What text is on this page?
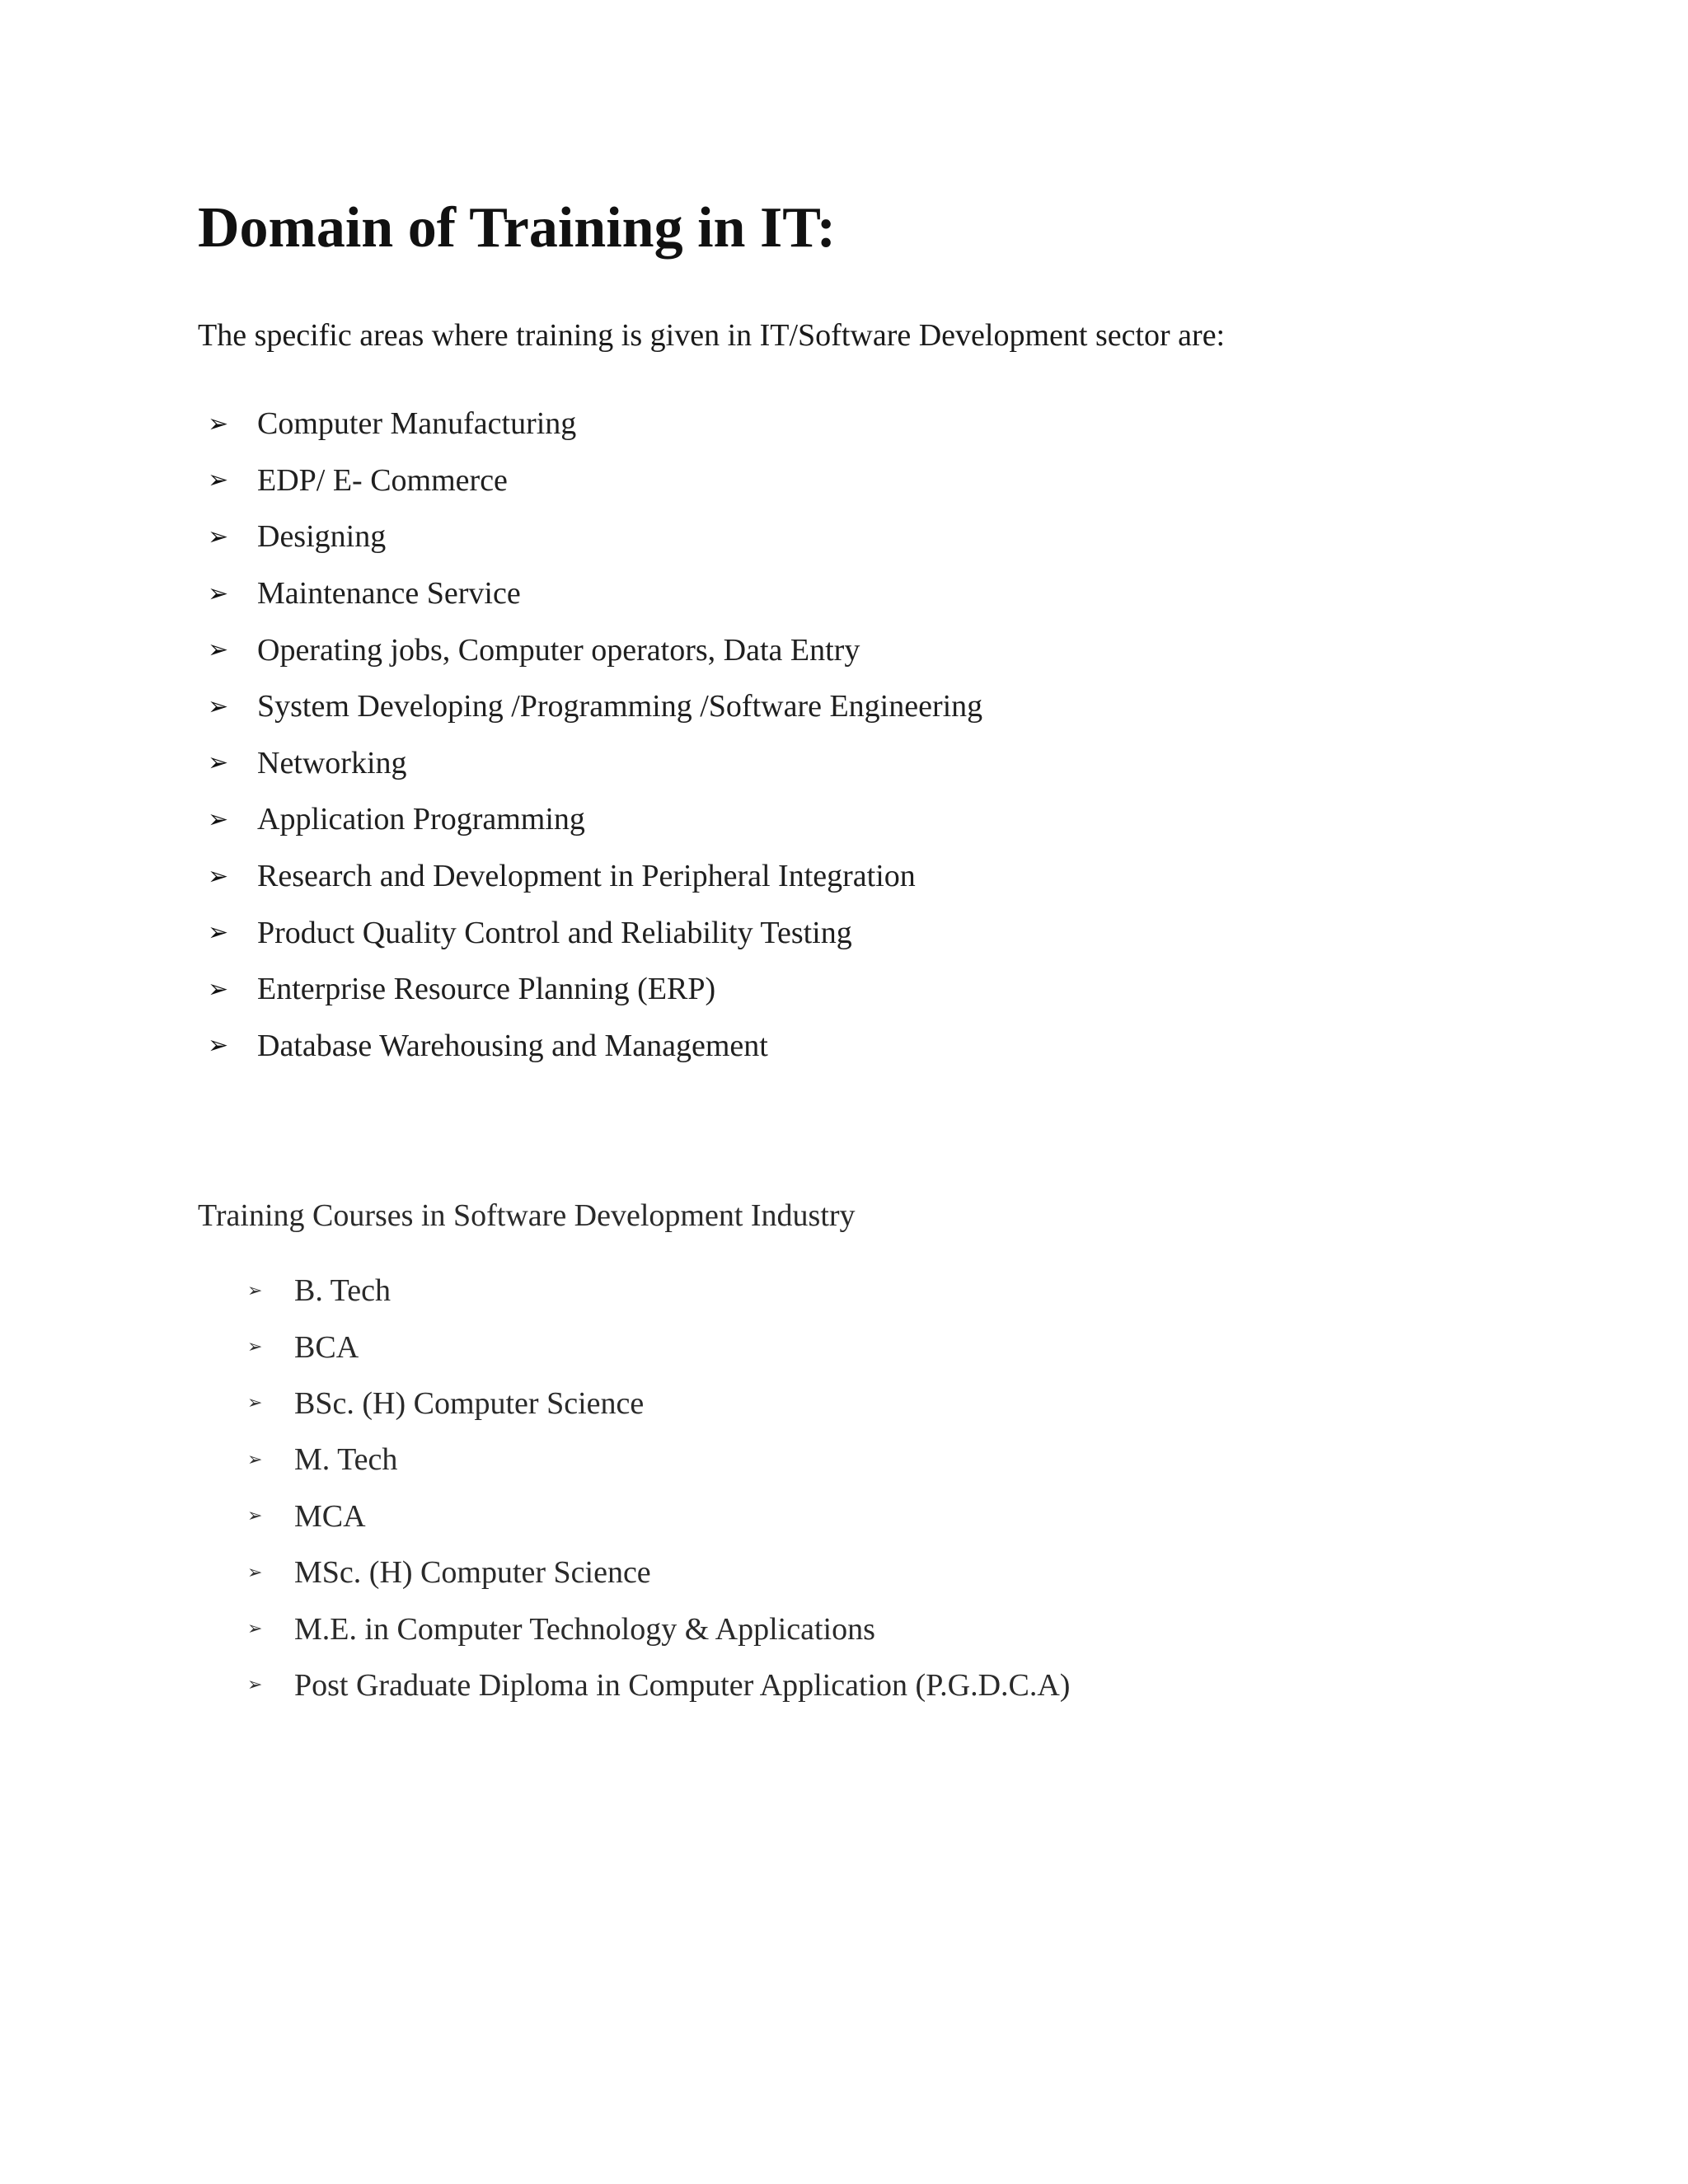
Domain of Training in IT:

The specific areas where training is given in IT/Software Development sector are:

➢ Computer Manufacturing
➢ EDP/ E- Commerce
➢ Designing
➢ Maintenance Service
➢ Operating jobs, Computer operators, Data Entry
➢ System Developing /Programming /Software Engineering
➢ Networking
➢ Application Programming
➢ Research and Development in Peripheral Integration
➢ Product Quality Control and Reliability Testing
➢ Enterprise Resource Planning (ERP)
➢ Database Warehousing and Management

Training Courses in Software Development Industry

➢	B. Tech
➢	BCA
➢	BSc. (H) Computer Science
➢	M. Tech
➢	MCA
➢	MSc. (H) Computer Science
➢	M.E. in Computer Technology & Applications
➢	Post Graduate Diploma in Computer Application (P.G.D.C.A)
